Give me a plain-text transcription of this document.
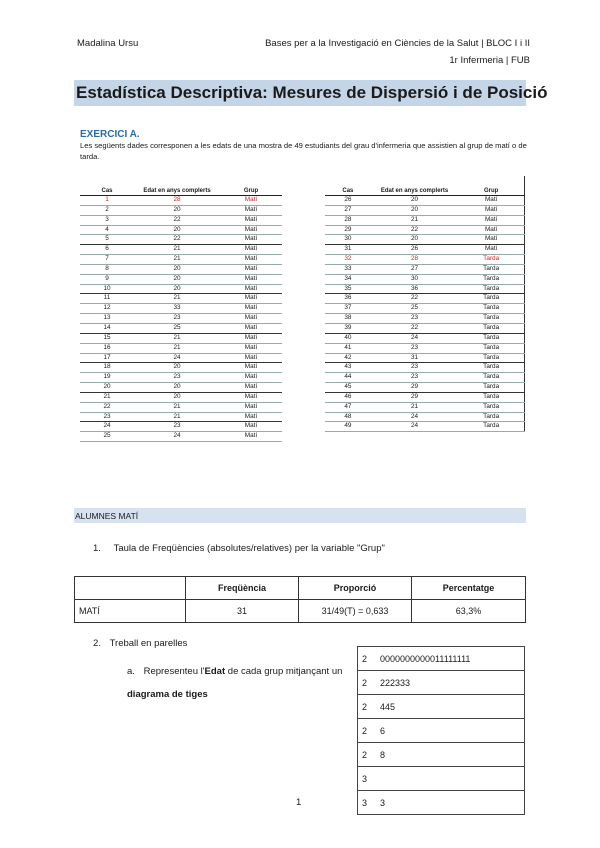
Madalina Ursu	Bases per a la Investigació en Ciències de la Salut | BLOC I i II
1r Infermeria | FUB
Estadística Descriptiva: Mesures de Dispersió i de Posició
EXERCICI A.
Les següents dades corresponen a les edats de una mostra de 49 estudiants del grau d'infermeria que assistien al grup de matí o de tarda.
Cas	Edat en anys complerts	Grup
1	28	Matí
2	20	Matí
3	22	Matí
4	20	Matí
5	22	Matí
6	21	Matí
7	21	Matí
8	20	Matí
9	20	Matí
10	20	Matí
11	21	Matí
12	33	Matí
13	23	Matí
14	25	Matí
15	21	Matí
16	21	Matí
17	24	Matí
18	20	Matí
19	23	Matí
20	20	Matí
21	20	Matí
22	21	Matí
23	21	Matí
24	23	Matí
25	24	Matí
Cas	Edat en anys complerts	Grup
26	20	Matí
27	20	Matí
28	21	Matí
29	22	Matí
30	20	Matí
31	26	Matí
32	28	Tarda
33	27	Tarda
34	30	Tarda
35	36	Tarda
36	22	Tarda
37	25	Tarda
38	23	Tarda
39	22	Tarda
40	24	Tarda
41	23	Tarda
42	31	Tarda
43	23	Tarda
44	23	Tarda
45	29	Tarda
46	29	Tarda
47	21	Tarda
48	24	Tarda
49	24	Tarda
ALUMNES MATÍ
1. Taula de Freqüències (absolutes/relatives) per la variable "Grup"
	Freqüència	Proporció	Percentatge
MATÍ	31	31/49(T) = 0,633	63,3%
2. Treball en parelles
a. Representeu l'Edat de cada grup mitjançant un diagrama de tiges
2	0000000000011111111
2	222333
2	445
2	6
2	8
3	
3	3
1
